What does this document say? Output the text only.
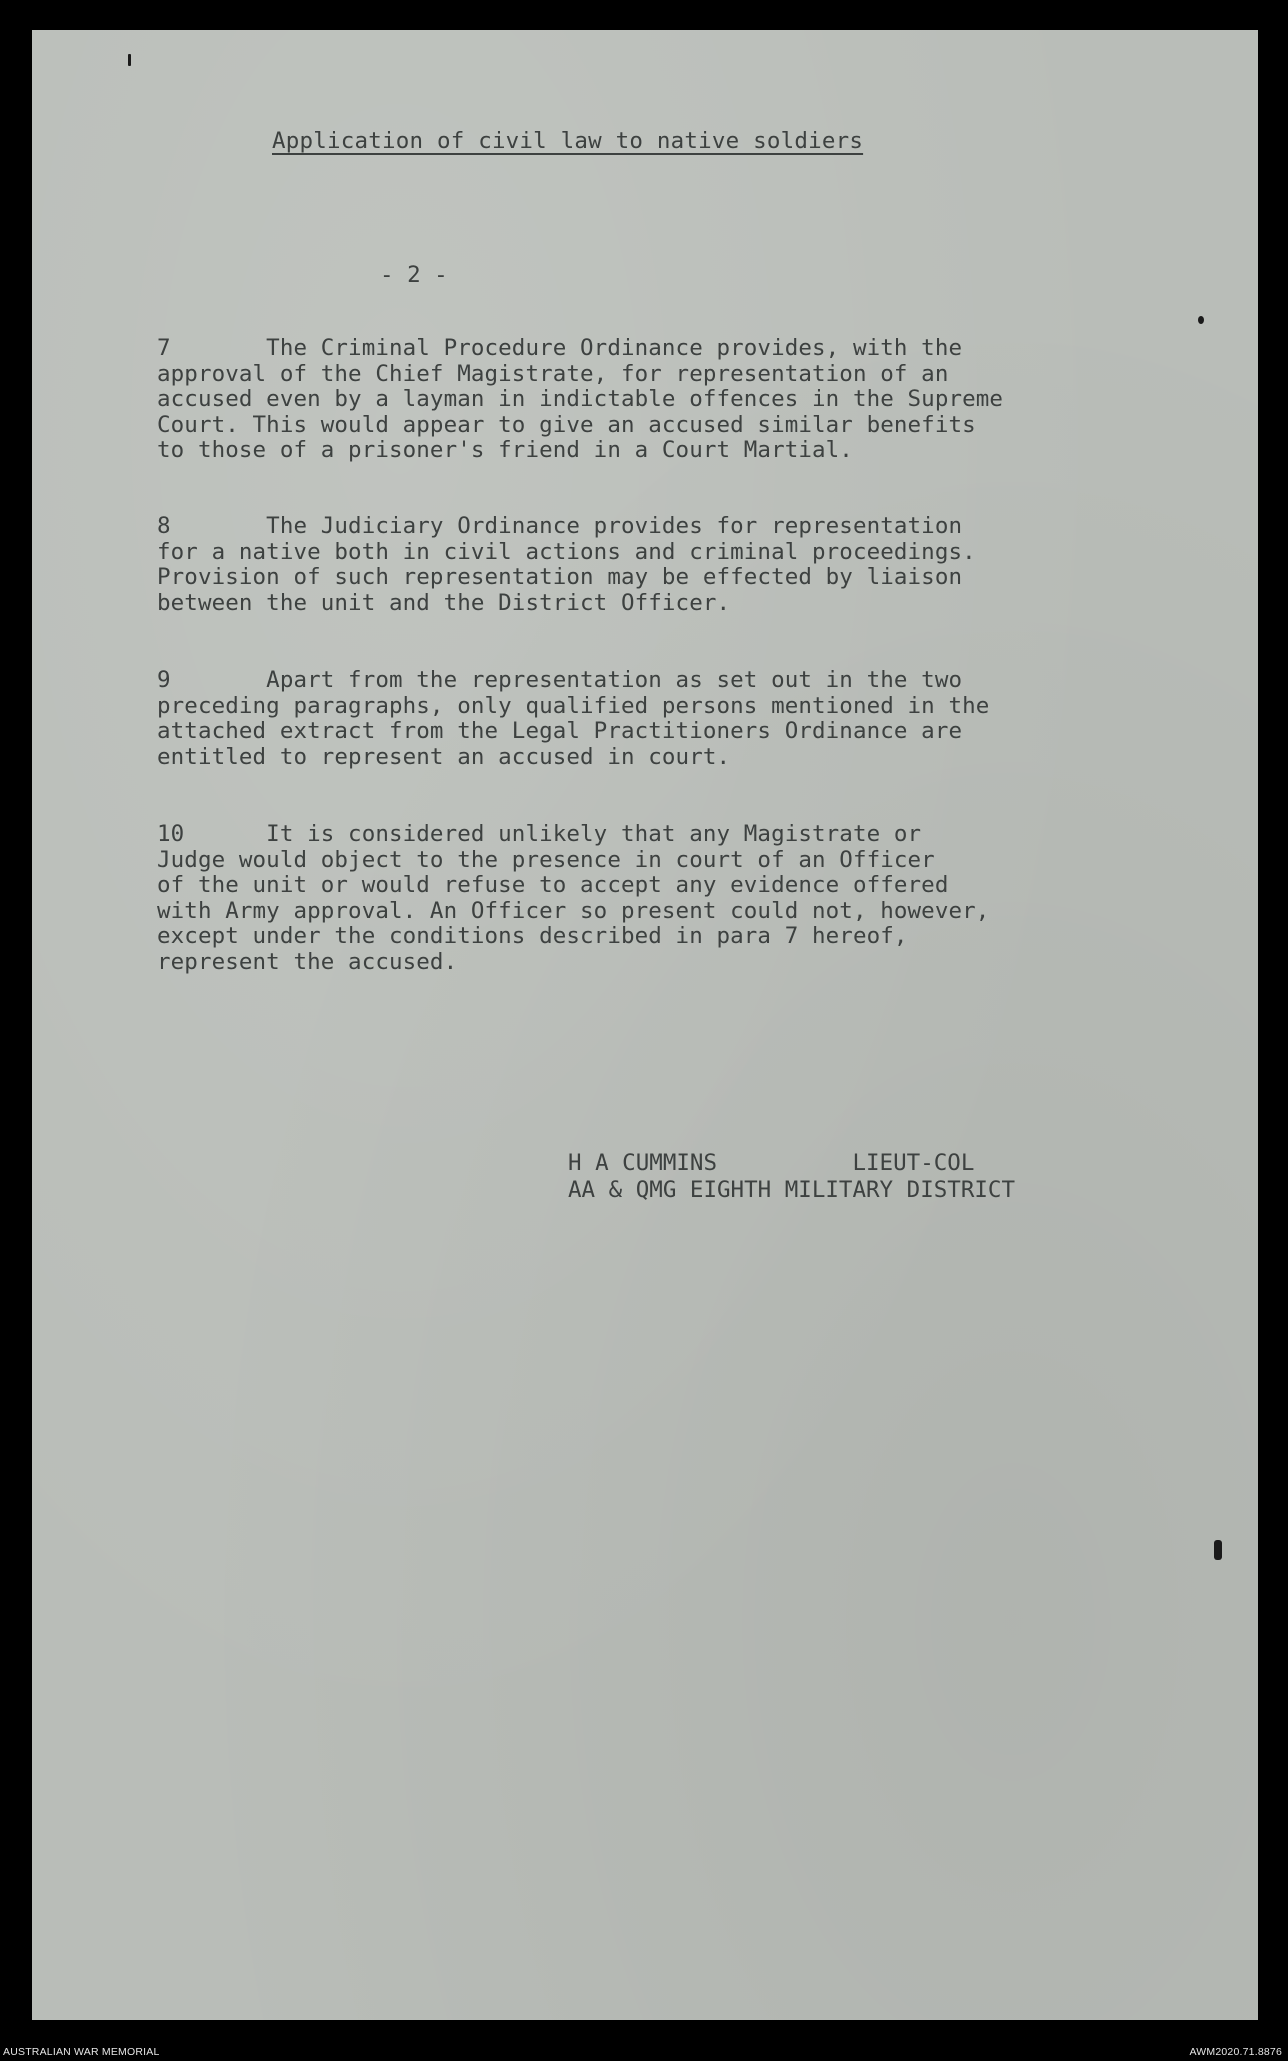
Application of civil law to native soldiers
- 2 -
7       The Criminal Procedure Ordinance provides, with the
approval of the Chief Magistrate, for representation of an
accused even by a layman in indictable offences in the Supreme
Court. This would appear to give an accused similar benefits
to those of a prisoner's friend in a Court Martial.
8       The Judiciary Ordinance provides for representation
for a native both in civil actions and criminal proceedings.
Provision of such representation may be effected by liaison
between the unit and the District Officer.
9       Apart from the representation as set out in the two
preceding paragraphs, only qualified persons mentioned in the
attached extract from the Legal Practitioners Ordinance are
entitled to represent an accused in court.
10      It is considered unlikely that any Magistrate or
Judge would object to the presence in court of an Officer
of the unit or would refuse to accept any evidence offered
with Army approval. An Officer so present could not, however,
except under the conditions described in para 7 hereof,
represent the accused.
H A CUMMINS          LIEUT-COL
AA & QMG EIGHTH MILITARY DISTRICT
AUSTRALIAN WAR MEMORIAL	AWM2020.71.8876
